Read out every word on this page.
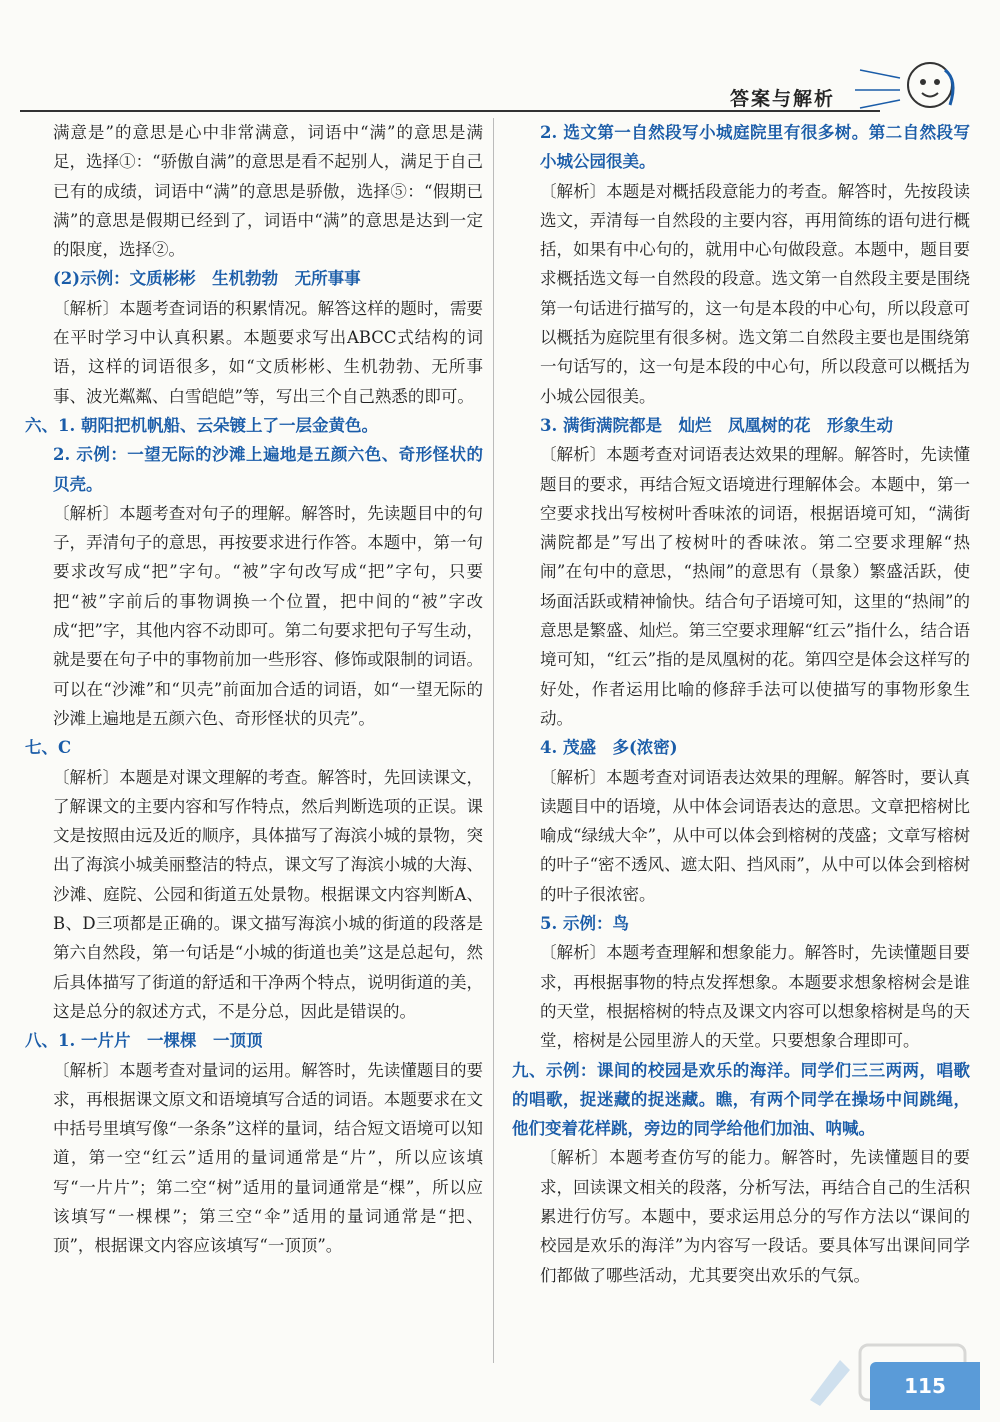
答案与解析

满意是”的意思是心中非常满意，词语中“满”的意思是满足，选择①：“骄傲自满”的意思是看不起别人，满足于自己已有的成绩，词语中“满”的意思是骄傲，选择⑤：“假期已满”的意思是假期已经到了，词语中“满”的意思是达到一定的限度，选择②。

(2)示例：文质彬彬　生机勃勃　无所事事

〔解析〕本题考查词语的积累情况。解答这样的题时，需要在平时学习中认真积累。本题要求写出ABCC式结构的词语，这样的词语很多，如“文质彬彬、生机勃勃、无所事事、波光粼粼、白雪皑皑”等，写出三个自己熟悉的即可。

六、1. 朝阳把机帆船、云朵镀上了一层金黄色。

2. 示例：一望无际的沙滩上遍地是五颜六色、奇形怪状的贝壳。

〔解析〕本题考查对句子的理解。解答时，先读题目中的句子，弄清句子的意思，再按要求进行作答。本题中，第一句要求改写成“把”字句。“被”字句改写成“把”字句，只要把“被”字前后的事物调换一个位置，把中间的“被”字改成“把”字，其他内容不动即可。第二句要求把句子写生动，就是要在句子中的事物前加一些形容、修饰或限制的词语。可以在“沙滩”和“贝壳”前面加合适的词语，如“一望无际的沙滩上遍地是五颜六色、奇形怪状的贝壳”。

七、C

〔解析〕本题是对课文理解的考查。解答时，先回读课文，了解课文的主要内容和写作特点，然后判断选项的正误。课文是按照由远及近的顺序，具体描写了海滨小城的景物，突出了海滨小城美丽整洁的特点，课文写了海滨小城的大海、沙滩、庭院、公园和街道五处景物。根据课文内容判断A、B、D三项都是正确的。课文描写海滨小城的街道的段落是第六自然段，第一句话是“小城的街道也美”这是总起句，然后具体描写了街道的舒适和干净两个特点，说明街道的美，这是总分的叙述方式，不是分总，因此是错误的。

八、1. 一片片　一棵棵　一顶顶

〔解析〕本题考查对量词的运用。解答时，先读懂题目的要求，再根据课文原文和语境填写合适的词语。本题要求在文中括号里填写像“一条条”这样的量词，结合短文语境可以知道，第一空“红云”适用的量词通常是“片”，所以应该填写“一片片”；第二空“树”适用的量词通常是“棵”，所以应该填写“一棵棵”；第三空“伞”适用的量词通常是“把、顶”，根据课文内容应该填写“一顶顶”。

2. 选文第一自然段写小城庭院里有很多树。第二自然段写小城公园很美。

〔解析〕本题是对概括段意能力的考查。解答时，先按段读选文，弄清每一自然段的主要内容，再用简练的语句进行概括，如果有中心句的，就用中心句做段意。本题中，题目要求概括选文每一自然段的段意。选文第一自然段主要是围绕第一句话进行描写的，这一句是本段的中心句，所以段意可以概括为庭院里有很多树。选文第二自然段主要也是围绕第一句话写的，这一句是本段的中心句，所以段意可以概括为小城公园很美。

3. 满街满院都是　灿烂　凤凰树的花　形象生动

〔解析〕本题考查对词语表达效果的理解。解答时，先读懂题目的要求，再结合短文语境进行理解体会。本题中，第一空要求找出写桉树叶香味浓的词语，根据语境可知，“满街满院都是”写出了桉树叶的香味浓。第二空要求理解“热闹”在句中的意思，“热闹”的意思有（景象）繁盛活跃，使场面活跃或精神愉快。结合句子语境可知，这里的“热闹”的意思是繁盛、灿烂。第三空要求理解“红云”指什么，结合语境可知，“红云”指的是凤凰树的花。第四空是体会这样写的好处，作者运用比喻的修辞手法可以使描写的事物形象生动。

4. 茂盛　多(浓密)

〔解析〕本题考查对词语表达效果的理解。解答时，要认真读题目中的语境，从中体会词语表达的意思。文章把榕树比喻成“绿绒大伞”，从中可以体会到榕树的茂盛；文章写榕树的叶子“密不透风、遮太阳、挡风雨”，从中可以体会到榕树的叶子很浓密。

5. 示例：鸟

〔解析〕本题考查理解和想象能力。解答时，先读懂题目要求，再根据事物的特点发挥想象。本题要求想象榕树会是谁的天堂，根据榕树的特点及课文内容可以想象榕树是鸟的天堂，榕树是公园里游人的天堂。只要想象合理即可。

九、示例：课间的校园是欢乐的海洋。同学们三三两两，唱歌的唱歌，捉迷藏的捉迷藏。瞧，有两个同学在操场中间跳绳，他们变着花样跳，旁边的同学给他们加油、呐喊。

〔解析〕本题考查仿写的能力。解答时，先读懂题目的要求，回读课文相关的段落，分析写法，再结合自己的生活积累进行仿写。本题中，要求运用总分的写作方法以“课间的校园是欢乐的海洋”为内容写一段话。要具体写出课间同学们都做了哪些活动，尤其要突出欢乐的气氛。

115
